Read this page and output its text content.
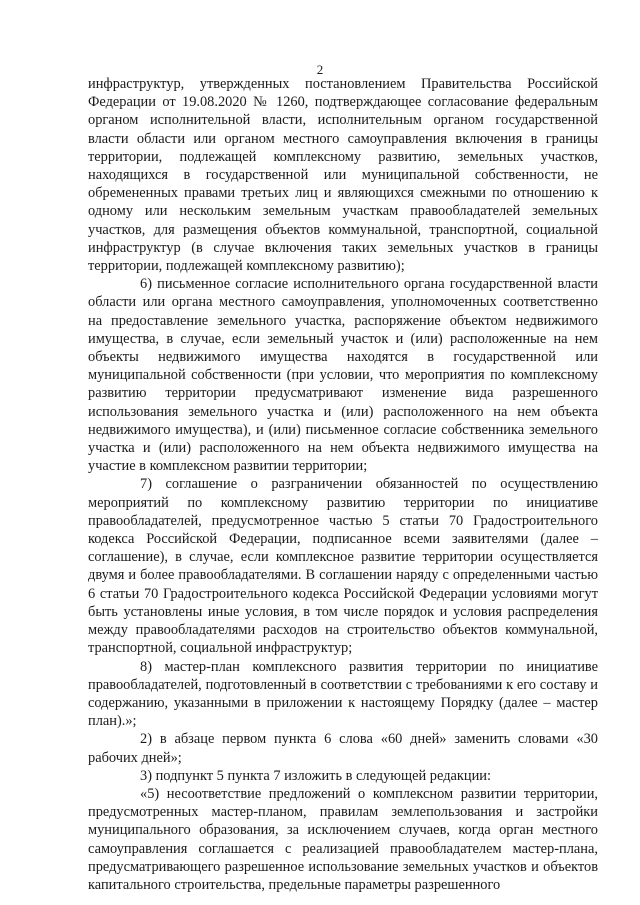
2

инфраструктур, утвержденных постановлением Правительства Российской Федерации от 19.08.2020 № 1260, подтверждающее согласование федеральным органом исполнительной власти, исполнительным органом государственной власти области или органом местного самоуправления включения в границы территории, подлежащей комплексному развитию, земельных участков, находящихся в государственной или муниципальной собственности, не обремененных правами третьих лиц и являющихся смежными по отношению к одному или нескольким земельным участкам правообладателей земельных участков, для размещения объектов коммунальной, транспортной, социальной инфраструктур (в случае включения таких земельных участков в границы территории, подлежащей комплексному развитию);

6) письменное согласие исполнительного органа государственной власти области или органа местного самоуправления, уполномоченных соответственно на предоставление земельного участка, распоряжение объектом недвижимого имущества, в случае, если земельный участок и (или) расположенные на нем объекты недвижимого имущества находятся в государственной или муниципальной собственности (при условии, что мероприятия по комплексному развитию территории предусматривают изменение вида разрешенного использования земельного участка и (или) расположенного на нем объекта недвижимого имущества), и (или) письменное согласие собственника земельного участка и (или) расположенного на нем объекта недвижимого имущества на участие в комплексном развитии территории;

7) соглашение о разграничении обязанностей по осуществлению мероприятий по комплексному развитию территории по инициативе правообладателей, предусмотренное частью 5 статьи 70 Градостроительного кодекса Российской Федерации, подписанное всеми заявителями (далее – соглашение), в случае, если комплексное развитие территории осуществляется двумя и более правообладателями. В соглашении наряду с определенными частью 6 статьи 70 Градостроительного кодекса Российской Федерации условиями могут быть установлены иные условия, в том числе порядок и условия распределения между правообладателями расходов на строительство объектов коммунальной, транспортной, социальной инфраструктур;

8) мастер-план комплексного развития территории по инициативе правообладателей, подготовленный в соответствии с требованиями к его составу и содержанию, указанными в приложении к настоящему Порядку (далее – мастер план).»;

2) в абзаце первом пункта 6 слова «60 дней» заменить словами «30 рабочих дней»;

3) подпункт 5 пункта 7 изложить в следующей редакции:

«5) несоответствие предложений о комплексном развитии территории, предусмотренных мастер-планом, правилам землепользования и застройки муниципального образования, за исключением случаев, когда орган местного самоуправления соглашается с реализацией правообладателем мастер-плана, предусматривающего разрешенное использование земельных участков и объектов капитального строительства, предельные параметры разрешенного
